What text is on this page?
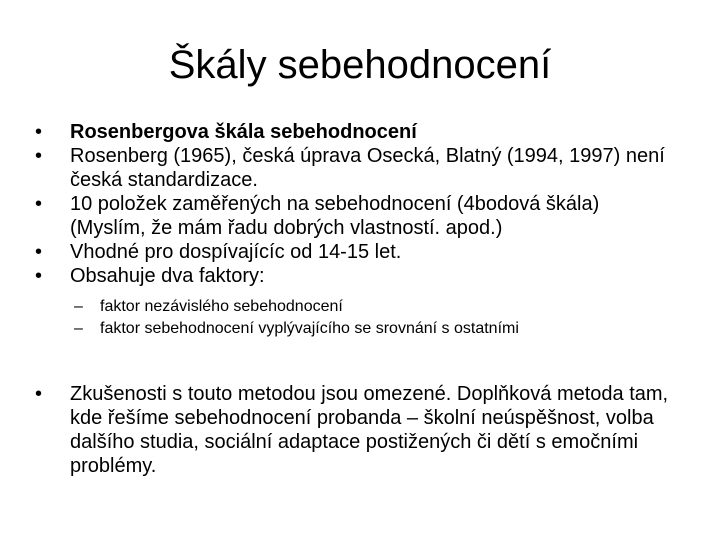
Škály sebehodnocení

•	Rosenbergova škála sebehodnocení

•	Rosenberg (1965), česká úprava Osecká, Blatný (1994, 1997) není česká standardizace.

•	10 položek zaměřených na sebehodnocení (4bodová škála) (Myslím, že mám řadu dobrých vlastností. apod.)

•	Vhodné pro dospívajícíc od 14-15 let.

•	Obsahuje dva faktory:

– faktor nezávislého sebehodnocení
– faktor sebehodnocení vyplývajícího se srovnání s ostatními

•	Zkušenosti s touto metodou jsou omezené. Doplňková metoda tam, kde řešíme sebehodnocení probanda – školní neúspěšnost, volba dalšího studia, sociální adaptace postižených či dětí s emočními problémy.
